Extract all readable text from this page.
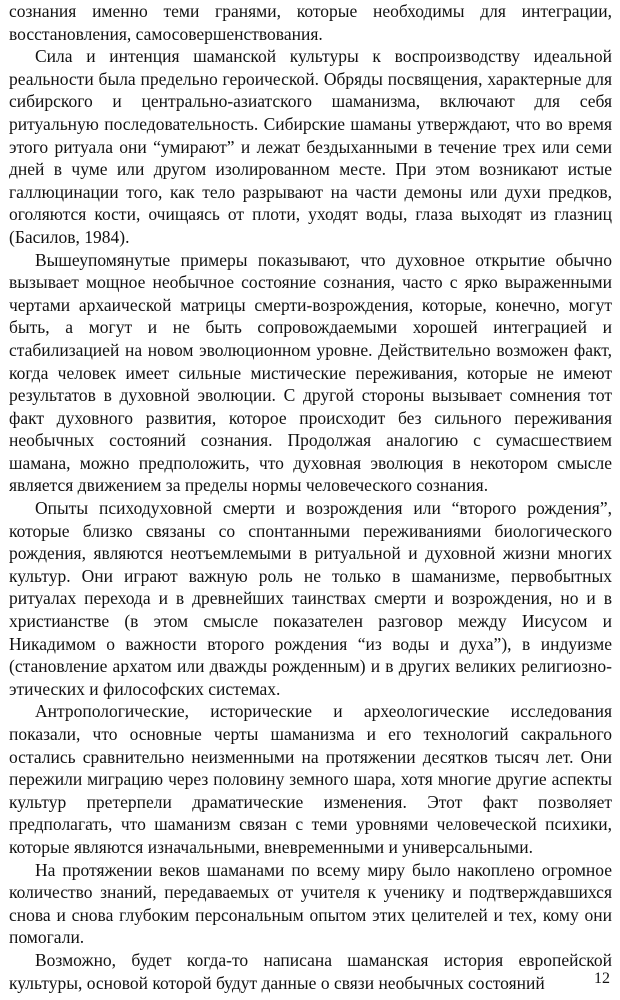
сознания именно теми гранями, которые необходимы для интеграции, восстановления, самосовершенствования.

Сила и интенция шаманской культуры к воспроизводству идеальной реальности была предельно героической. Обряды посвящения, характерные для сибирского и центрально-азиатского шаманизма, включают для себя ритуальную последовательность. Сибирские шаманы утверждают, что во время этого ритуала они “умирают” и лежат бездыханными в течение трех или семи дней в чуме или другом изолированном месте. При этом возникают истые галлюцинации того, как тело разрывают на части демоны или духи предков, оголяются кости, очищаясь от плоти, уходят воды, глаза выходят из глазниц (Басилов, 1984).

Вышеупомянутые примеры показывают, что духовное открытие обычно вызывает мощное необычное состояние сознания, часто с ярко выраженными чертами архаической матрицы смерти-возрождения, которые, конечно, могут быть, а могут и не быть сопровождаемыми хорошей интеграцией и стабилизацией на новом эволюционном уровне. Действительно возможен факт, когда человек имеет сильные мистические переживания, которые не имеют результатов в духовной эволюции. С другой стороны вызывает сомнения тот факт духовного развития, которое происходит без сильного переживания необычных состояний сознания. Продолжая аналогию с сумасшествием шамана, можно предположить, что духовная эволюция в некотором смысле является движением за пределы нормы человеческого сознания.

Опыты психодуховной смерти и возрождения или “второго рождения”, которые близко связаны со спонтанными переживаниями биологического рождения, являются неотъемлемыми в ритуальной и духовной жизни многих культур. Они играют важную роль не только в шаманизме, первобытных ритуалах перехода и в древнейших таинствах смерти и возрождения, но и в христианстве (в этом смысле показателен разговор между Иисусом и Никадимом о важности второго рождения “из воды и духа”), в индуизме (становление архатом или дважды рожденным) и в других великих религиозно-этических и философских системах.

Антропологические, исторические и археологические исследования показали, что основные черты шаманизма и его технологий сакрального остались сравнительно неизменными на протяжении десятков тысяч лет. Они пережили миграцию через половину земного шара, хотя многие другие аспекты культур претерпели драматические изменения. Этот факт позволяет предполагать, что шаманизм связан с теми уровнями человеческой психики, которые являются изначальными, вневременными и универсальными.

На протяжении веков шаманами по всему миру было накоплено огромное количество знаний, передаваемых от учителя к ученику и подтверждавшихся снова и снова глубоким персональным опытом этих целителей и тех, кому они помогали.

Возможно, будет когда-то написана шаманская история европейской культуры, основой которой будут данные о связи необычных состояний	12
